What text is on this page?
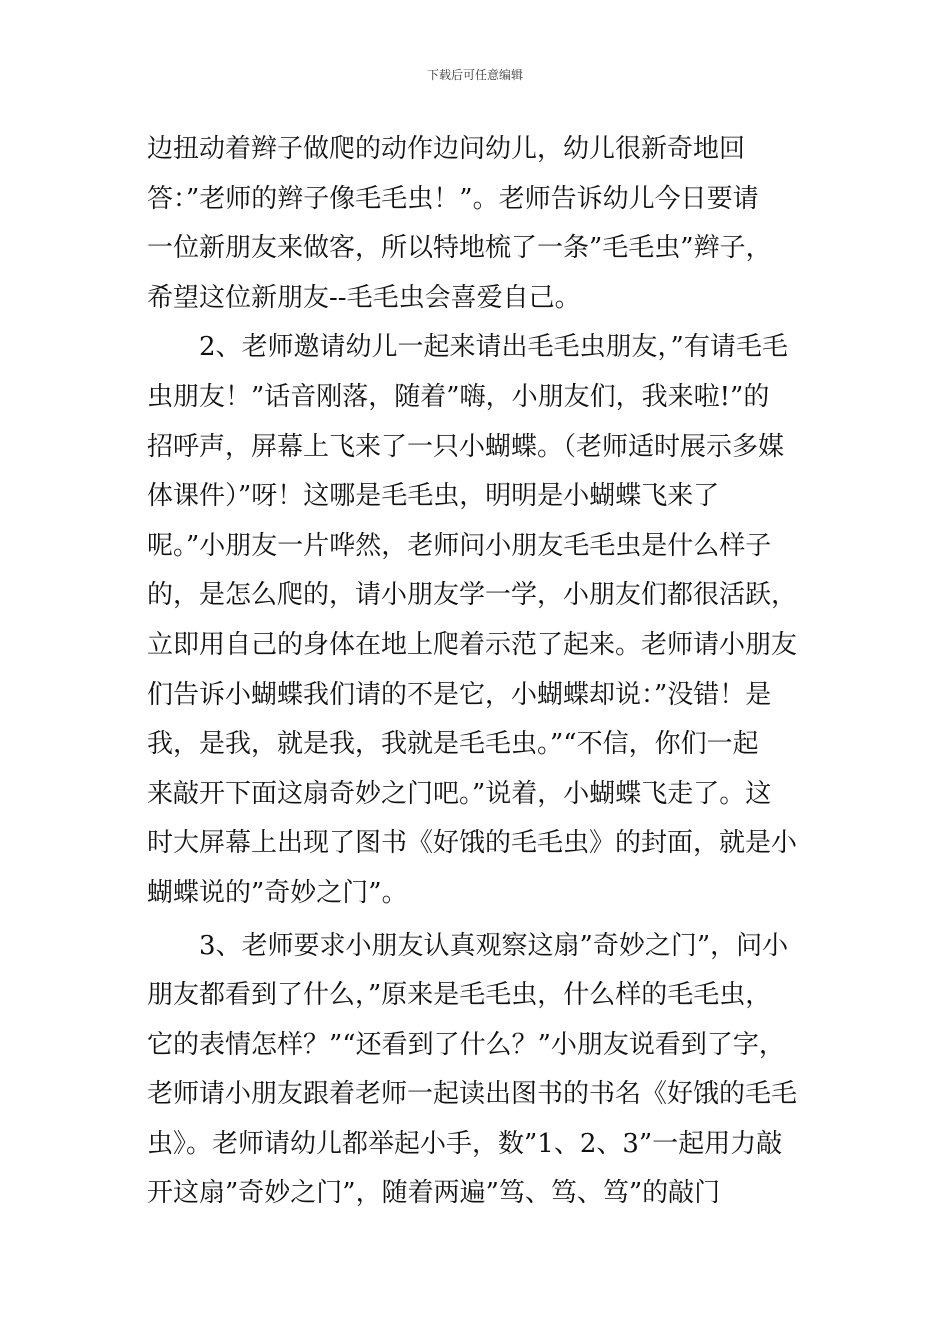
下载后可任意编辑
边扭动着辫子做爬的动作边问幼儿，幼儿很新奇地回
答：”老师的辫子像毛毛虫！”。老师告诉幼儿今日要请
一位新朋友来做客，所以特地梳了一条”毛毛虫”辫子，
希望这位新朋友--毛毛虫会喜爱自己。
　　2、老师邀请幼儿一起来请出毛毛虫朋友，”有请毛毛
虫朋友！”话音刚落，随着”嗨，小朋友们，我来啦!”的
招呼声，屏幕上飞来了一只小蝴蝶。（老师适时展示多媒
体课件）”呀！这哪是毛毛虫，明明是小蝴蝶飞来了
呢。”小朋友一片哗然，老师问小朋友毛毛虫是什么样子
的，是怎么爬的，请小朋友学一学，小朋友们都很活跃，
立即用自己的身体在地上爬着示范了起来。老师请小朋友
们告诉小蝴蝶我们请的不是它，小蝴蝶却说：”没错！是
我，是我，就是我，我就是毛毛虫。”“不信，你们一起
来敲开下面这扇奇妙之门吧。”说着，小蝴蝶飞走了。这
时大屏幕上出现了图书《好饿的毛毛虫》的封面，就是小
蝴蝶说的”奇妙之门”。
　　3、老师要求小朋友认真观察这扇”奇妙之门”，问小
朋友都看到了什么，”原来是毛毛虫，什么样的毛毛虫，
它的表情怎样？”“还看到了什么？”小朋友说看到了字，
老师请小朋友跟着老师一起读出图书的书名《好饿的毛毛
虫》。老师请幼儿都举起小手，数”1、2、3”一起用力敲
开这扇”奇妙之门”，随着两遍”笃、笃、笃”的敲门
